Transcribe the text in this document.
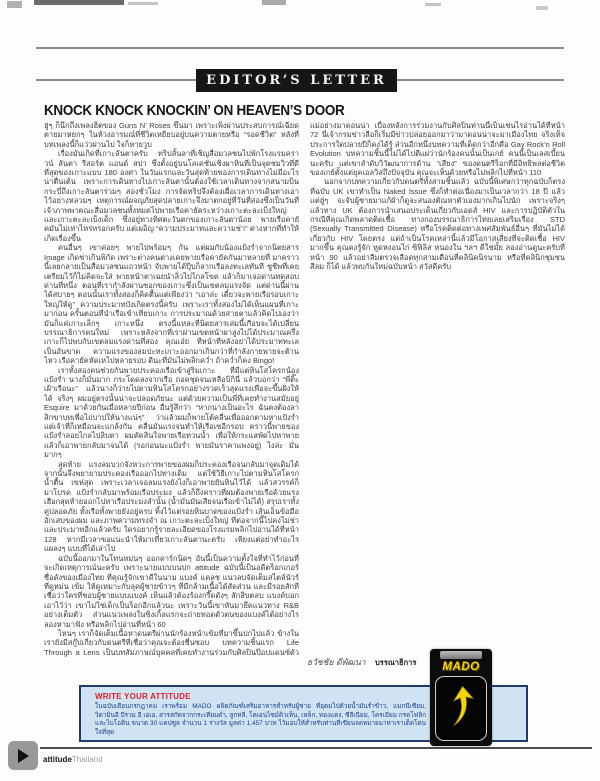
EDITOR’S LETTER
KNOCK KNOCK KNOCKIN’ ON HEAVEN’S DOOR

ฮู่ๆ ก็นึกถึงเพลงฮิตของ Guns N’ Roses ขึ้นมา เพราะเพิ่งผ่านประสบการณ์เฉียดตายมาหยกๆ ในห้วงอารมณ์ที่ชีวิตเหยียบอยู่บนความตายหรือ “รอดชีวิต” หลังที่บทเพลงนี้ก็แว่วผ่านไป ใจก็หายวูบ

เรื่องมันเกิดที่เกาะลันตาครับ ทริปลั้นลาที่เชิญสื่อมวลชนไปพักโรงแรมคราวน์ ลันตา รีสอร์ต แอนด์ สปา ซึ่งตั้งอยู่บนโลเคชั่นเชิงผาหินที่เป็นจุดชมวิวที่ดีที่สุดของเกาะแบบ 180 องศา ในวันแรกและวันสุดท้ายของการเดินทางไม่มีอะไรน่าตื่นเต้น เพราะการเดินทางไปเกาะลันตานั้นต้องใช้เวลาเดินทางจากสนามบินกระบี่ถึงเกาะลันตาร่วมๆ สองชั่วโมง การจัดทริปจึงต้องเผื่อเวลาการเดินทางเอาไว้อย่างหลวมๆ เหตุการณ์ผจญภัยสุดปลายเกาะจึงมาตกอยู่ที่วันที่สองซึ่งเป็นวันที่เจ้าภาพพาคณะสื่อมวลชนทั้งหมดไปพายเรือคายัคระหว่างเกาะตะละเบ็งใหญ่และเกาะตะละเบ็งเด็ก ซึ่งอยู่ทางทิศตะวันตกของเกาะลันตาน้อย พายเรือคายัคมันไม่เท่าไหร่หรอกครับ แต่เผอิญ “ความประมาทและความช่า” ต่างหากที่ทำให้เกิดเรื่องขึ้น

คนอื่นๆ เขาค่อยๆ พายไปพร้อมๆ กัน แต่ผมกับน้องแป้งร่ำจากนิตยสาร Image เกิดช่าเกินพิกัด เพราะต่างคนต่างเคยพายเรือคายัคกันมาหลายที่ มาคราวนี้เลยกลายเป็นสื่อมวลชนแถวหน้า จับพายได้ปุ๊บก็ลากเรือลงทะเลทันที ชูชีพที่เคยเตรียมไว้ก็ไม่คิดจะใส่ พายหน้าตาเฉยนำลิ่วไปไกลโขด แล้วก็มาเจอด่านทดสอบด่านที่หนึ่ง ตอนที่เรากำลังผ่านซอกของเกาะซึ่งเป็นเขตลมแรงจัด แต่ด่านนี้ผ่านได้สบายๆ ตอนนั้นเราทั้งสองก็คิดตื้นแต่เพียงว่า “เอาล่ะ เดี๋ยวจะพายเรือรอบเกาะใหญ่ให้ดู” ความประมาทบังเกิดตรงนี้ครับ เพราะเราทั้งสองไม่ได้เห็นแผนที่เกาะมาก่อน ครั้นตอนที่นำเรือเข้าเทียบเกาะ การประมาณด้วยสายตาแล้วคิดไปเองว่ามันก็แค่เกาะเล็กๆ เกาะหนึ่ง ตรงนี้แหละที่นิตยสารเล่มนี้เกือบจะได้เปลี่ยนบรรณาธิการคนใหม่ เพราะหลังจากที่เราผ่านเขตหน้าผาสูงไปได้ประมาณครึ่งเกาะก็ไปพบกับเขตลมแรงด่านที่สอง คุณเอ๋ย ทีหน้าทีหลังอย่าได้ประมาททะเลเป็นอันขาด ความแรงของลมปะทะเกาะออกมาเกินกว่าที่กำลังกายพายจะต้านไหว เรือคายัคหัดเหไปหลายรอบ ดีนะที่มันไม่พลิกคว่ำ ถ้าคว่ำก็คง Bingo!

เราทั้งสองคนช่วยกันพายประคองเรือเข้าสู่ริมเกาะ ที่มีแต่หินโสโครกน้องแป้งร่ำ นางก็มั่นมาก กระโดดลงจากเรือ ถอดชุดจนเหลือบิกินี่ แล้วบอกว่า “พี่ติ๊ะเฝ้าเรือนะ” แล้วนางก็ว่ายไปตามหินโสโครกอย่างรวดเร็วสุดแรงเพื่อจะขึ้นฝั่งให้ได้ จริงๆ ผมอยู่ตรงนั้นน่าจะปลอดภัยนะ แต่ด้วยความเป็นพี่ที่เคยทำงานสมัยอยู่ Esquire มาด้วยกันเมื่อหลายปีก่อน อื่นรู้สึกว่า “หากนางเป็นอะไร ฉันคงต้องลาสิกขาบทเพื่อไถ่บาปให้นางแน่ๆ” ว่าแล้วผมก็พายโต้คลื่นเพื่อออกตามหาแป้งร่ำ แต่เจ้าที่ก็เหมือนจะแกล้งกัน คลื่นมันแรงจนทำให้เรือเซอีกรอบ คราวนี้พายของแป้งร่ำลอยไกลไปลิบตา ผมตัดสินใจพายเรือทวนน้ำ เพื่อให้กระแสพัดไปหาพาย แล้วก็เอาพายกลับมาจนได้ (รอก่อนนะแป้งร่ำ พายมันราคาแพงอยู่) ไงล่ะ มั่นมากๆ

สุดท้าย แรงลมบวกจังหวะการพายของผมก็ประคองเรือจนกลับมาจุดเดิมได้ จากนั้นจึงพยายามประคองเรือออกไปทางเดิม แต่ใช้วิธีเกาะไปตามหินโสโครกน้ำตื้น เขห่สุด เพราะเวลาเจอลมแรงยังไงก็เอาพายยันหินไว้ได้ แล้วสวรรค์ก็มาโปรด แป้งร่ำกลับมาพร้อมเรือประมง แล้วก็ถึงคราวที่ผมต้องพายเรือด้วยแรงเฮือกสุดท้ายออกไปหาเรือประมงลำนั้น (น้ำมันมันเสียจนเรือเข้าไม่ได้) สรุปเราทั้งคู่ปลอดภัย ทั้งเรือทั้งพายยังอยู่ครบ ทิ้งไว้แต่รอยหินบาดของแป้งร่ำ เส้นเอ็นข้อมืออักเสบของผม และภาพความทรงจำ ณ เกาะตะละเบ็งใหญ่ ที่ต่อจากนี้ไปคงไม่ช่าและประมาทอีกแล้วครับ ใครอยากรู้รายละเอียดของโรงแรมพลิกไปอ่านได้ที่หน้า 128 หากมีเวลาขอแนะนำให้มาเที่ยวเกาะลันตานะครับ เพียงแต่อย่าทำอะไรแผลงๆ แบบที่ได้เล่าไป

ฉบับนี้ออกมาในโทนหม่นๆ ออกดาร์กนิดๆ อันนี้เป็นความตั้งใจที่ทำไว้ก่อนที่จะเกิดเหตุการณ์นะครับ เพราะนายแบบบนปก attitude ฉบับนี้เป็นอดีตร็อกเกอร์ชื่อดังของเมืองไทย ที่คุณรู้จักเขาดีในนาม แบงค์ แคลช แนวลบจัดเต็มสไตล์นัวร์ ที่ดูหม่น เข้ม ให้ดูเหมาะกับลุคผู้ชายข้าวๆ ที่มีกล้ามเนื้อได้สัดส่วน และมีรอยสักที่เชื่อว่าใครที่ชอบผู้ชายแบบแบงค์ เห็นแล้วต้องร้องกรี๊ดดังๆ สักสิบตลบ แบงค์บอกเอาไว้ว่า เขาไม่ใช่เด็กเป็นร็อกอีกแล้วนะ เพราะวันนี้เขาหันมายึดแนวทาง R&B อย่างเต็มตัว ส่วนแนวเพลงในซิงเกิ้ลแรกจะถ่ายทอดตัวตนของแบงค์ได้อย่างไร ลองหามาฟัง หรือพลิกไปอ่านที่หน้า 60

ไหนๆ เราก็จัดเต็มเนื้อหาดนตรีผ่านนักร้องหน้าเข้มที่มาขึ้นปกไปแล้ว ข้างในเรายังมีสกู๊ปเกี่ยวกับดนตรีที่เชื่อว่าคุณจะต้องชื่นชอบ บทความชิ้นแรก Life Through a Lens เป็นบทสัมภาษณ์บุคคลที่เคยทำงานร่วมกับศิลปินป๊อปแดนซ์ตัวแม่อย่างมาดอนน่า เบื้องหลังการร่วมงานกับศิลปินท่านนี้เป็นเช่นไรอ่านได้ที่หน้า 72 นี่เจ้ากรมข่าวลือก็เริ่มมีข่าวปล่อยออกมาว่ามาดอนน่าจะมาเมืองไทย จริงเท็จประการใดปลายปีก็คงได้รู้ ส่วนอีกหนึ่งบทความที่เด็ดกว่าอีกคือ Gay Rock’n Roll Evolution บทความชิ้นนี้ไม่ได้ไปตีแผ่ว่านักร้องคนนั้นเป็นเกย์ คนนี้เป็นเลสเบี้ยนนะครับ แต่เขาลำดับวิวัฒนาการด้าน “เสียง” ของดนตรีร็อกที่มีอิทธิพลต่อชีวิตของเกย์ตั้งแต่ยุคเอลวิสถึงปัจจุบัน คุณจะเห็นด้วยหรือไม่พลิกไปที่หน้า 110

นอกจากบทความเกี่ยวกับดนตรีทั้งสามชิ้นแล้ว ฉบับนี้พิเศษกว่าทุกฉบับก็ตรงที่ฉบับ UK เขาทำเป็น Naked Issue ซึ่งก็ทำต่อเนื่องมาเป็นเวลากว่า 18 ปี แล้ว แต่ฮู่ๆ จะจับผู้ชายมาแก้ผ้าก็ดูจะสนองตัณหาตัวเองมากเกินไปนัก เพราะจริงๆ แล้วทาง UK ต้องการนำเสนอประเด็นเกี่ยวกับเอดส์ HIV และการปฏิบัติตัวในกรณีที่คุณเกิดพลาดติดเชื้อ ทางกองบรรณาธิการไทยเลยเสริมเรื่อง STD (Sexually Transmitted Disease) หรือโรคติดต่อทางเพศสัมพันธ์อื่นๆ ที่มันไม่ได้เกี่ยวกับ HIV โดยตรง แต่ถ้าเป็นโรคเหล่านี้แล้วมีโอกาสเสี่ยงที่จะติดเชื้อ HIV มากขึ้น คุณคงรู้จัก หูดหงอนไก่ ซิฟิลิส หนองใน ฯลฯ ดีใช่มั้ย ลองอ่านดูนะครับที่หน้า 90 แล้วอย่าลืมตรวจเลือดทุกสามเดือนที่คลินิคนิรนาม หรือที่คลินิกชุมชนสีลม ก็ได้ แล้วพบกันใหม่ฉบับหน้า สวัสดีครับ

ธวัชชัย ดีพัฒนา บรรณาธิการ
WRITE YOUR ATTITUDE
ในฉบับเดือนกรกฎาคม เราพร้อม MADO ผลิตภัณฑ์เสริมอาหารสำหรับผู้ชาย ที่อุดมไปด้วยน้ำมันรำข้าว, แมกนีเซียม, วิตามินอี บีรวม อี เอเอ, สารสกัดจากกระเทียมดำ, ลูกหลี, โคเอนไซม์คิวเท็น, เหล็ก, ทองแดง, ซีลีเนียม, โครเมียม กรดโฟลิก และไบโอติน ขนาด 30 แคปซูล จำนวน 1 รางวัล มูลค่า 1,457 บาท ไว้มอบให้สำหรับท่านที่เขียนจดหมายมาหาเราเด็ดโดนใจที่สุด
MADO
attitudeThailand
